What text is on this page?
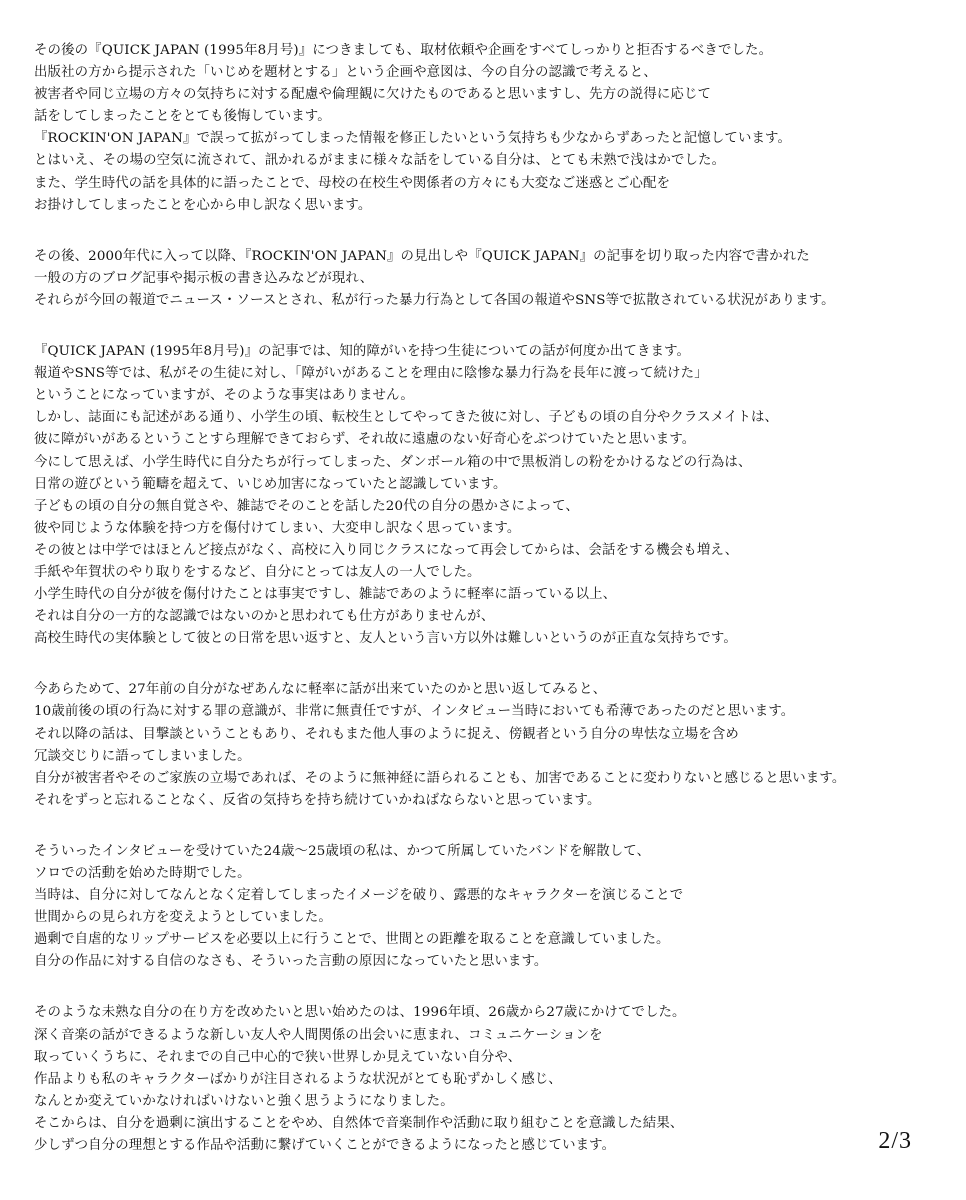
その後の『QUICK JAPAN (1995年8月号)』につきましても、取材依頼や企画をすべてしっかりと拒否するべきでした。
出版社の方から提示された「いじめを題材とする」という企画や意図は、今の自分の認識で考えると、
被害者や同じ立場の方々の気持ちに対する配慮や倫理観に欠けたものであると思いますし、先方の説得に応じて
話をしてしまったことをとても後悔しています。
『ROCKIN'ON JAPAN』で誤って拡がってしまった情報を修正したいという気持ちも少なからずあったと記憶しています。
とはいえ、その場の空気に流されて、訊かれるがままに様々な話をしている自分は、とても未熟で浅はかでした。
また、学生時代の話を具体的に語ったことで、母校の在校生や関係者の方々にも大変なご迷惑とご心配を
お掛けしてしまったことを心から申し訳なく思います。
その後、2000年代に入って以降、『ROCKIN'ON JAPAN』の見出しや『QUICK JAPAN』の記事を切り取った内容で書かれた
一般の方のブログ記事や掲示板の書き込みなどが現れ、
それらが今回の報道でニュース・ソースとされ、私が行った暴力行為として各国の報道やSNS等で拡散されている状況があります。
『QUICK JAPAN (1995年8月号)』の記事では、知的障がいを持つ生徒についての話が何度か出てきます。
報道やSNS等では、私がその生徒に対し、「障がいがあることを理由に陰惨な暴力行為を長年に渡って続けた」
ということになっていますが、そのような事実はありません。
しかし、誌面にも記述がある通り、小学生の頃、転校生としてやってきた彼に対し、子どもの頃の自分やクラスメイトは、
彼に障がいがあるということすら理解できておらず、それ故に遠慮のない好奇心をぶつけていたと思います。
今にして思えば、小学生時代に自分たちが行ってしまった、ダンボール箱の中で黒板消しの粉をかけるなどの行為は、
日常の遊びという範疇を超えて、いじめ加害になっていたと認識しています。
子どもの頃の自分の無自覚さや、雑誌でそのことを話した20代の自分の愚かさによって、
彼や同じような体験を持つ方を傷付けてしまい、大変申し訳なく思っています。
その彼とは中学ではほとんど接点がなく、高校に入り同じクラスになって再会してからは、会話をする機会も増え、
手紙や年賀状のやり取りをするなど、自分にとっては友人の一人でした。
小学生時代の自分が彼を傷付けたことは事実ですし、雑誌であのように軽率に語っている以上、
それは自分の一方的な認識ではないのかと思われても仕方がありませんが、
高校生時代の実体験として彼との日常を思い返すと、友人という言い方以外は難しいというのが正直な気持ちです。
今あらためて、27年前の自分がなぜあんなに軽率に話が出来ていたのかと思い返してみると、
10歳前後の頃の行為に対する罪の意識が、非常に無責任ですが、インタビュー当時においても希薄であったのだと思います。
それ以降の話は、目撃談ということもあり、それもまた他人事のように捉え、傍観者という自分の卑怯な立場を含め
冗談交じりに語ってしまいました。
自分が被害者やそのご家族の立場であれば、そのように無神経に語られることも、加害であることに変わりないと感じると思います。
それをずっと忘れることなく、反省の気持ちを持ち続けていかねばならないと思っています。
そういったインタビューを受けていた24歳〜25歳頃の私は、かつて所属していたバンドを解散して、
ソロでの活動を始めた時期でした。
当時は、自分に対してなんとなく定着してしまったイメージを破り、露悪的なキャラクターを演じることで
世間からの見られ方を変えようとしていました。
過剰で自虐的なリップサービスを必要以上に行うことで、世間との距離を取ることを意識していました。
自分の作品に対する自信のなさも、そういった言動の原因になっていたと思います。
そのような未熟な自分の在り方を改めたいと思い始めたのは、1996年頃、26歳から27歳にかけてでした。
深く音楽の話ができるような新しい友人や人間関係の出会いに恵まれ、コミュニケーションを
取っていくうちに、それまでの自己中心的で狭い世界しか見えていない自分や、
作品よりも私のキャラクターばかりが注目されるような状況がとても恥ずかしく感じ、
なんとか変えていかなければいけないと強く思うようになりました。
そこからは、自分を過剰に演出することをやめ、自然体で音楽制作や活動に取り組むことを意識した結果、
少しずつ自分の理想とする作品や活動に繋げていくことができるようになったと感じています。	2/3
